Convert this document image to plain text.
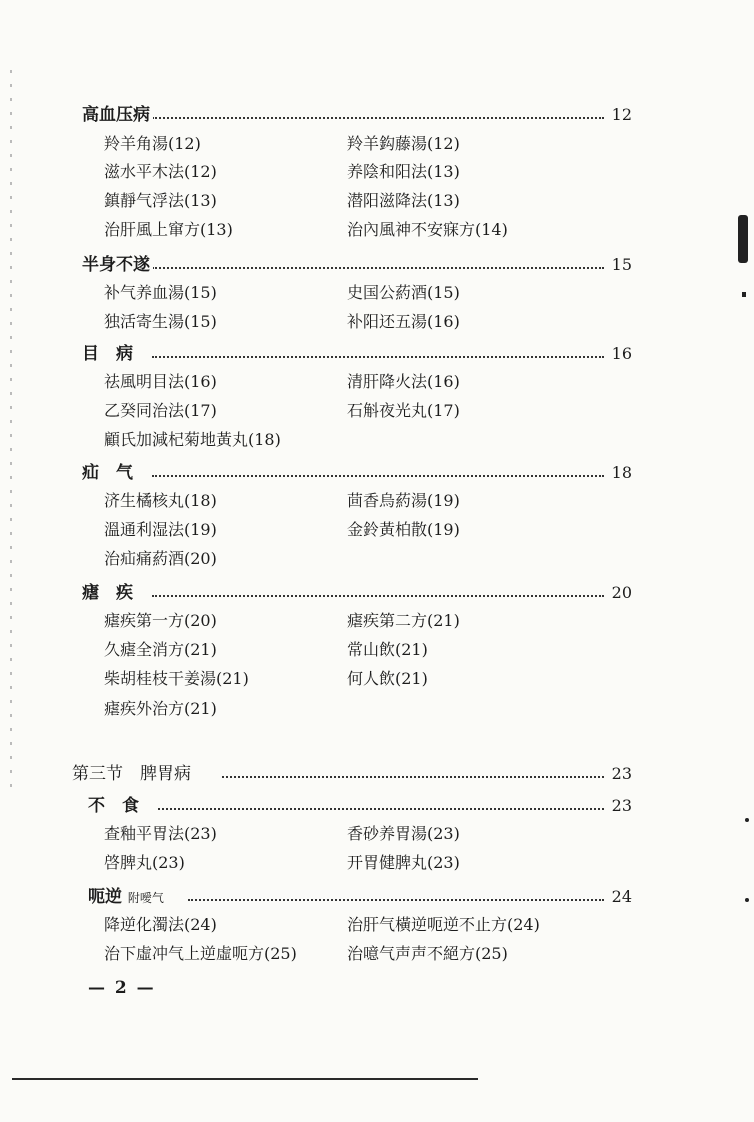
高血压病	12
羚羊角湯(12)	羚羊鈎藤湯(12)
滋水平木法(12)	养陰和阳法(13)
鎮靜气浮法(13)	潜阳滋降法(13)
治肝風上窜方(13)	治內風神不安寐方(14)
半身不遂	15
补气养血湯(15)	史国公葯酒(15)
独活寄生湯(15)	补阳还五湯(16)
目　病	16
祛風明目法(16)	清肝降火法(16)
乙癸同治法(17)	石斛夜光丸(17)
顧氏加減杞菊地黃丸(18)
疝　气	18
济生橘核丸(18)	茴香烏葯湯(19)
溫通利湿法(19)	金鈴黃柏散(19)
治疝痛葯酒(20)
瘧　疾	20
瘧疾第一方(20)	瘧疾第二方(21)
久瘧全消方(21)	常山飲(21)
柴胡桂枝干姜湯(21)	何人飲(21)
瘧疾外治方(21)
第三节　脾胃病	23
不　食	23
查釉平胃法(23)	香砂养胃湯(23)
啓脾丸(23)	开胃健脾丸(23)
呃逆 附噯气	24
降逆化濁法(24)	治肝气橫逆呃逆不止方(24)
治下虛冲气上逆虛呃方(25)	治噫气声声不絕方(25)
— 2 —
